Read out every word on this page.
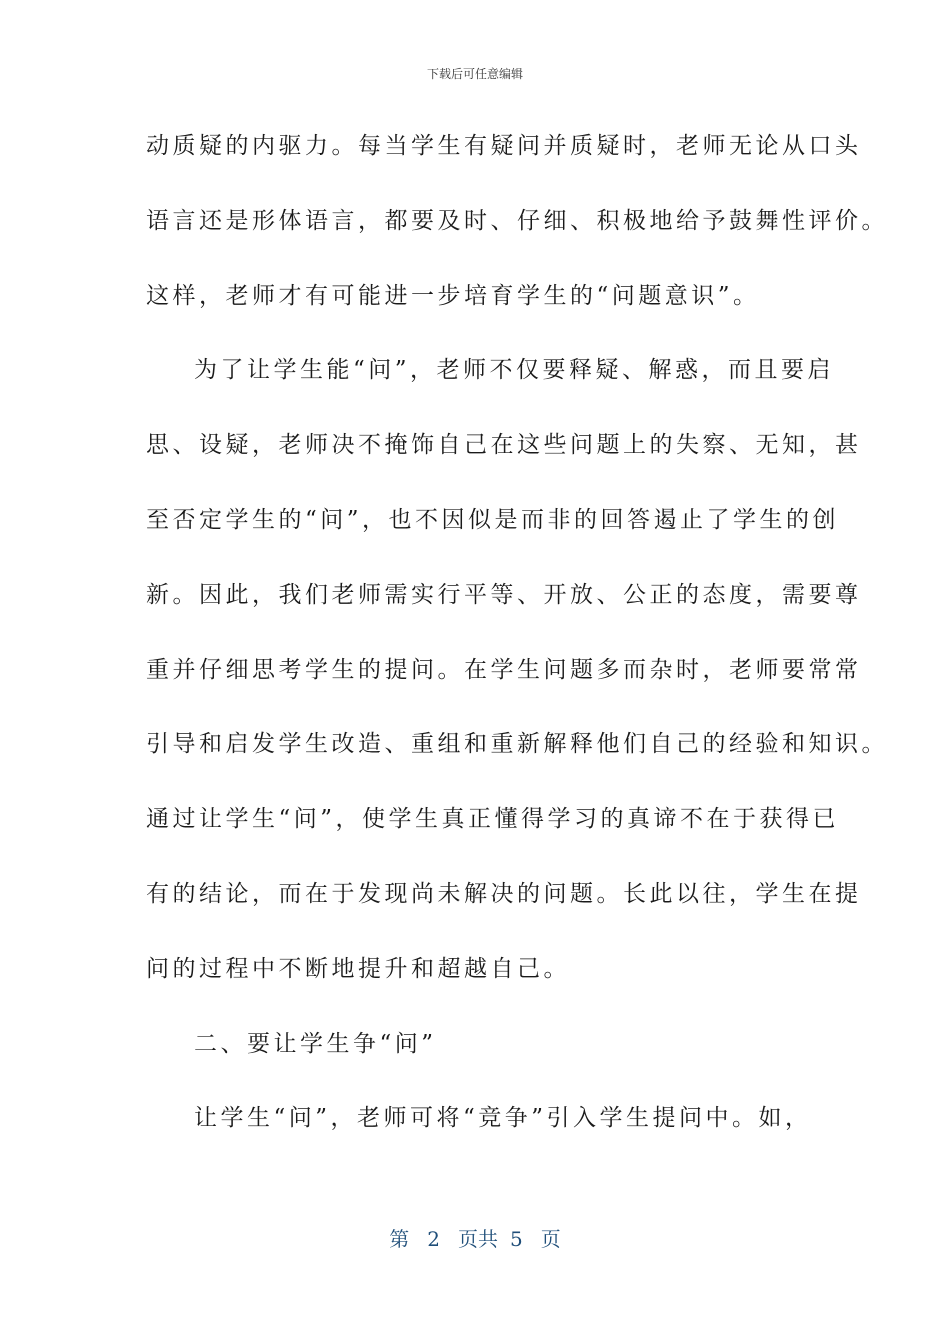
下载后可任意编辑
动质疑的内驱力。每当学生有疑问并质疑时，老师无论从口头
语言还是形体语言，都要及时、仔细、积极地给予鼓舞性评价。
这样，老师才有可能进一步培育学生的“问题意识”。
为了让学生能“问”，老师不仅要释疑、解惑，而且要启
思、设疑，老师决不掩饰自己在这些问题上的失察、无知，甚
至否定学生的“问”，也不因似是而非的回答遏止了学生的创
新。因此，我们老师需实行平等、开放、公正的态度，需要尊
重并仔细思考学生的提问。在学生问题多而杂时，老师要常常
引导和启发学生改造、重组和重新解释他们自己的经验和知识。
通过让学生“问”，使学生真正懂得学习的真谛不在于获得已
有的结论，而在于发现尚未解决的问题。长此以往，学生在提
问的过程中不断地提升和超越自己。
二、要让学生争“问”
让学生“问”，老师可将“竞争”引入学生提问中。如，
第 2 页共 5 页
